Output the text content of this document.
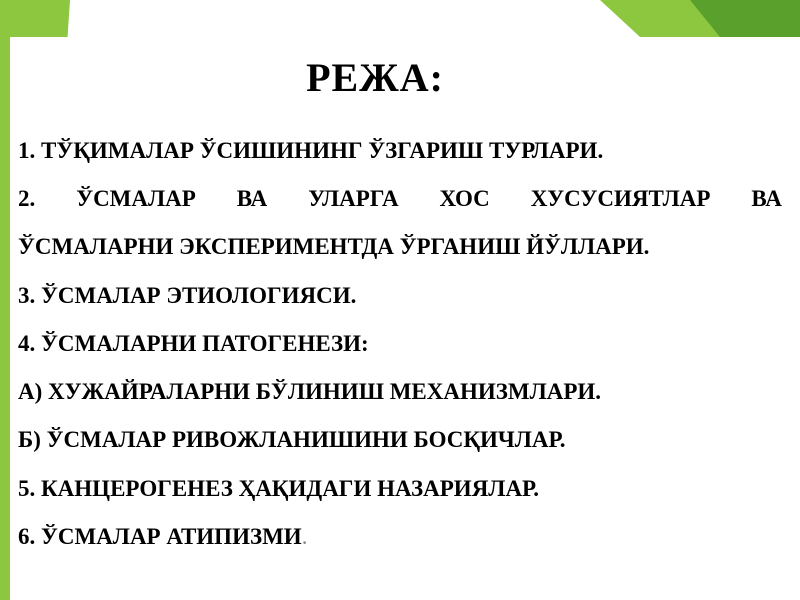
РЕЖА:
1. ТЎҚИМАЛАР ЎСИШИНИНГ ЎЗГАРИШ ТУРЛАРИ.
2. ЎСМАЛАР ВА УЛАРГА ХОС ХУСУСИЯТЛАР ВА
ЎСМАЛАРНИ ЭКСПЕРИМЕНТДА ЎРГАНИШ ЙЎЛЛАРИ.
3. ЎСМАЛАР ЭТИОЛОГИЯСИ.
4. ЎСМАЛАРНИ ПАТОГЕНЕЗИ:
А) ХУЖАЙРАЛАРНИ БЎЛИНИШ МЕХАНИЗМЛАРИ.
Б) ЎСМАЛАР РИВОЖЛАНИШИНИ БОСҚИЧЛАР.
5. КАНЦЕРОГЕНЕЗ ҲАҚИДАГИ НАЗАРИЯЛАР.
6. ЎСМАЛАР АТИПИЗМИ.
